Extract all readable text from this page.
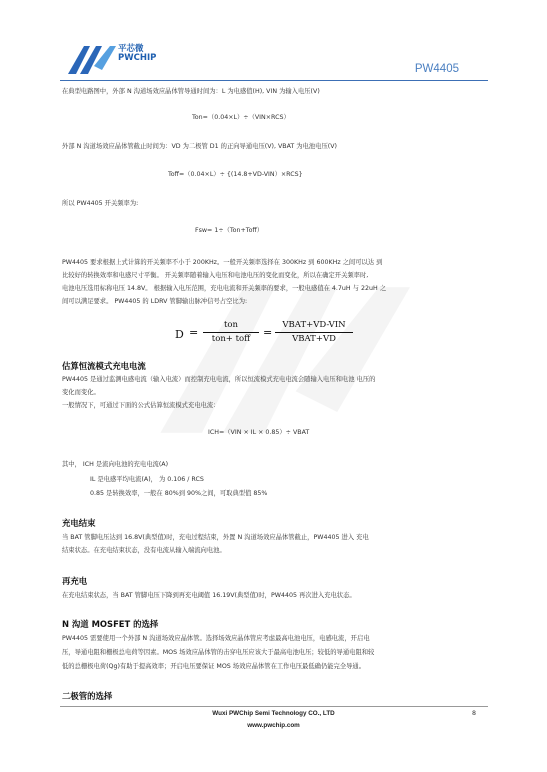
平芯微
PWCHIP
PW4405
在典型电路图中，外部 N 沟道场效应晶体管导通时间为：L 为电感值(H), VIN 为输入电压(V)
Ton=（0.04×L）÷（VIN×RCS）
外部 N 沟道场效应晶体管截止时间为：VD 为二极管 D1 的正向导通电压(V), VBAT 为电池电压(V)
Toff=（0.04×L）÷ {(14.8+VD-VIN）×RCS}
所以 PW4405 开关频率为:
Fsw= 1÷（Ton+Toff）
PW4405 要求根据上式计算的开关频率不小于 200KHz。一般开关频率选择在 300KHz 到 600KHz 之间可以达 到
比较好的转换效率和电感尺寸平衡。 开关频率随着输入电压和电池电压的变化而变化，所以在确定开关频率时,
电池电压选用标称电压 14.8V。 根据输入电压范围，充电电流和开关频率的要求，一般电感值在 4.7uH 与 22uH 之
间可以满足要求。 PW4405 的 LDRV 管脚输出脉冲信号占空比为:
D =
ton
ton+ toff	=
VBAT+VD-VIN
VBAT+VD
估算恒流模式充电电流
PW4405 是通过监测电感电流（输入电流）而控制充电电流，所以恒流模式充电电流会随输入电压和电池 电压的
变化而变化。
一般情况下，可通过下面的公式估算恒流模式充电电流：
ICH=（VIN × IL × 0.85）÷ VBAT
其中， ICH 是流向电池的充电电流(A)
IL 是电感平均电流(A)， 为 0.106 / RCS
0.85 是转换效率，一般在 80%到 90%之间，可取典型值 85%
充电结束
当 BAT 管脚电压达到 16.8V(典型值)时，充电过程结束，外置 N 沟道场效应晶体管截止，PW4405 进入 充电
结束状态。在充电结束状态，没有电流从输入端流向电池。
再充电
在充电结束状态，当 BAT 管脚电压下降到再充电阈值 16.19V(典型值)时，PW4405 再次进入充电状态。
N 沟道 MOSFET 的选择
PW4405 需要使用一个外部 N 沟道场效应晶体管。选择场效应晶体管应考虑最高电池电压，电感电流，开启电
压，导通电阻和栅极总电荷等因素。MOS 场效应晶体管的击穿电压应该大于最高电池电压；较低的导通电阻和较
低的总栅极电荷(Qg)有助于提高效率；开启电压要保证 MOS 场效应晶体管在工作电压最低确仍能完全导通。
二极管的选择
Wuxi PWChip Semi Technology CO., LTD
www.pwchip.com
8
